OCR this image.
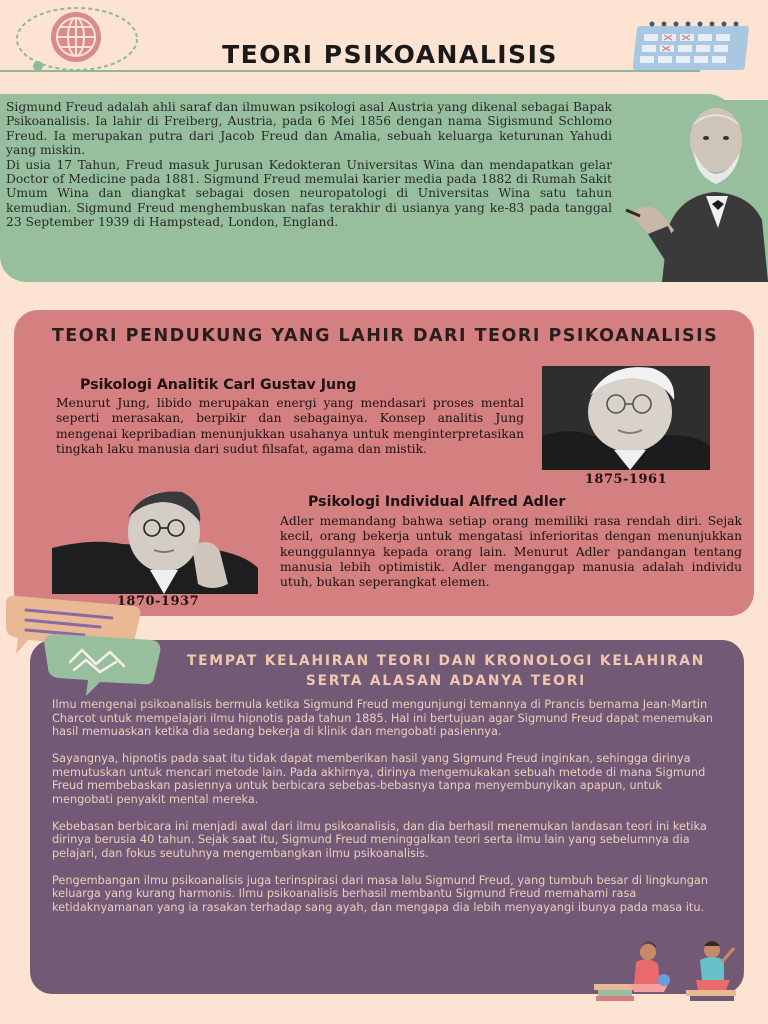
TEORI PSIKOANALISIS

Sigmund Freud adalah ahli saraf dan ilmuwan psikologi asal Austria yang dikenal sebagai Bapak Psikoanalisis. Ia lahir di Freiberg, Austria, pada 6 Mei 1856 dengan nama Sigismund Schlomo Freud. Ia merupakan putra dari Jacob Freud dan Amalia, sebuah keluarga keturunan Yahudi yang miskin.

Di usia 17 Tahun, Freud masuk Jurusan Kedokteran Universitas Wina dan mendapatkan gelar Doctor of Medicine pada 1881. Sigmund Freud memulai karier media pada 1882 di Rumah Sakit Umum Wina dan diangkat sebagai dosen neuropatologi di Universitas Wina satu tahun kemudian. Sigmund Freud menghembuskan nafas terakhir di usianya yang ke-83 pada tanggal 23 September 1939 di Hampstead, London, England.

TEORI PENDUKUNG YANG LAHIR DARI TEORI PSIKOANALISIS
Psikologi Analitik Carl Gustav Jung
Menurut Jung, libido merupakan energi yang mendasari proses mental seperti merasakan, berpikir dan sebagainya. Konsep analitis Jung mengenai kepribadian menunjukkan usahanya untuk menginterpretasikan tingkah laku manusia dari sudut filsafat, agama dan mistik.
1875-1961
Psikologi Individual Alfred Adler
Adler memandang bahwa setiap orang memiliki rasa rendah diri. Sejak kecil, orang bekerja untuk mengatasi inferioritas dengan menunjukkan keunggulannya kepada orang lain. Menurut Adler pandangan tentang manusia lebih optimistik. Adler menganggap manusia adalah individu utuh, bukan seperangkat elemen.
1870-1937
TEMPAT KELAHIRAN TEORI DAN KRONOLOGI KELAHIRAN SERTA ALASAN ADANYA TEORI

Ilmu mengenai psikoanalisis bermula ketika Sigmund Freud mengunjungi temannya di Prancis bernama Jean-Martin Charcot untuk mempelajari ilmu hipnotis pada tahun 1885. Hal ini bertujuan agar Sigmund Freud dapat menemukan hasil memuaskan ketika dia sedang bekerja di klinik dan mengobati pasiennya.

Sayangnya, hipnotis pada saat itu tidak dapat memberikan hasil yang Sigmund Freud inginkan, sehingga dirinya memutuskan untuk mencari metode lain. Pada akhirnya, dirinya mengemukakan sebuah metode di mana Sigmund Freud membebaskan pasiennya untuk berbicara sebebas-bebasnya tanpa menyembunyikan apapun, untuk mengobati penyakit mental mereka.

Kebebasan berbicara ini menjadi awal dari ilmu psikoanalisis, dan dia berhasil menemukan landasan teori ini ketika dirinya berusia 40 tahun. Sejak saat itu, Sigmund Freud meninggalkan teori serta ilmu lain yang sebelumnya dia pelajari, dan fokus seutuhnya mengembangkan ilmu psikoanalisis.

Pengembangan ilmu psikoanalisis juga terinspirasi dari masa lalu Sigmund Freud, yang tumbuh besar di lingkungan keluarga yang kurang harmonis. Ilmu psikoanalisis berhasil membantu Sigmund Freud memahami rasa ketidaknyamanan yang ia rasakan terhadap sang ayah, dan mengapa dia lebih menyayangi ibunya pada masa itu.
